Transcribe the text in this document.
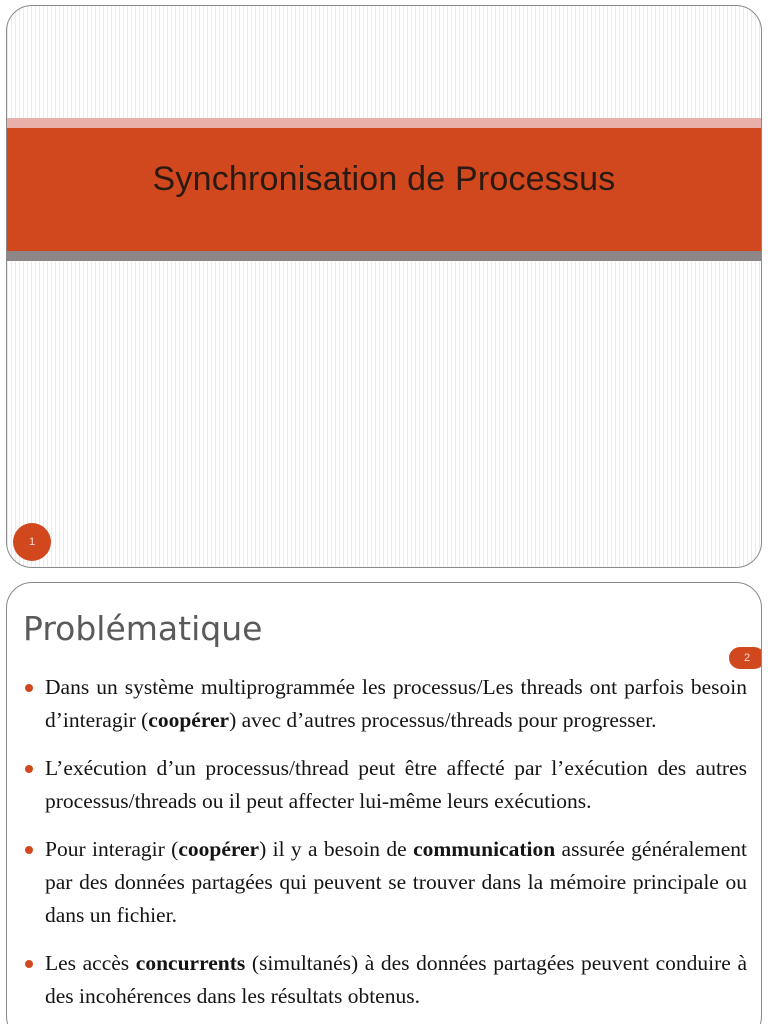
Synchronisation de Processus
1
Problématique
2
Dans un système multiprogrammée les processus/Les threads ont parfois besoin d’interagir (coopérer) avec d’autres processus/threads pour progresser.
L’exécution d’un processus/thread peut être affecté par l’exécution des autres processus/threads ou il peut affecter lui-même leurs exécutions.
Pour interagir (coopérer) il y a besoin de communication assurée généralement par des données partagées qui peuvent se trouver dans la mémoire principale ou dans un fichier.
Les accès concurrents (simultanés) à des données partagées peuvent conduire à des incohérences dans les résultats obtenus.
